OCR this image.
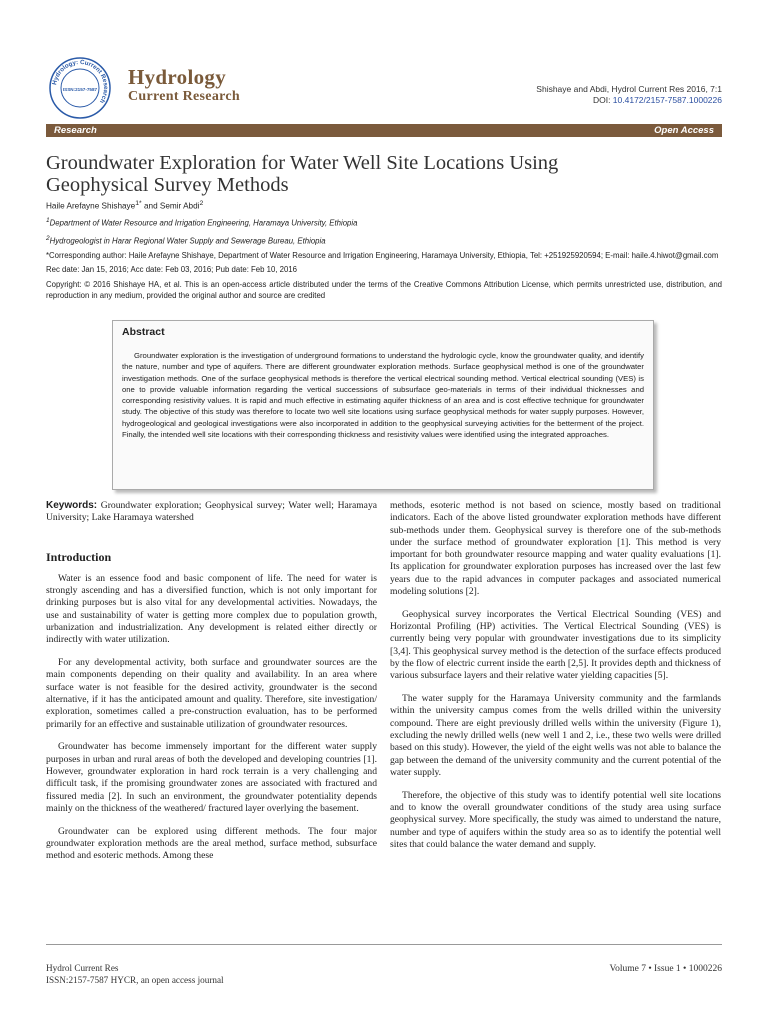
Hydrology: Current Research
ISSN:2157-7587
Hydrology
Current Research	Shishaye and Abdi, Hydrol Current Res 2016, 7:1
DOI: 10.4172/2157-7587.1000226
Research	Open Access
Groundwater Exploration for Water Well Site Locations Using
Geophysical Survey Methods

Haile Arefayne Shishaye$^{1*}$ and Semir Abdi$^2$

$^1$Department of Water Resource and Irrigation Engineering, Haramaya University, Ethiopia

$^2$Hydrogeologist in Harar Regional Water Supply and Sewerage Bureau, Ethiopia

*Corresponding author: Haile Arefayne Shishaye, Department of Water Resource and Irrigation Engineering, Haramaya University, Ethiopia, Tel: +251925920594; E-mail: haile.4.hiwot@gmail.com

Rec date: Jan 15, 2016; Acc date: Feb 03, 2016; Pub date: Feb 10, 2016

Copyright: © 2016 Shishaye HA, et al. This is an open-access article distributed under the terms of the Creative Commons Attribution License, which permits unrestricted use, distribution, and reproduction in any medium, provided the original author and source are credited

Abstract

Groundwater exploration is the investigation of underground formations to understand the hydrologic cycle, know the groundwater quality, and identify the nature, number and type of aquifers. There are different groundwater exploration methods. Surface geophysical method is one of the groundwater investigation methods. One of the surface geophysical methods is therefore the vertical electrical sounding method. Vertical electrical sounding (VES) is one to provide valuable information regarding the vertical successions of subsurface geo-materials in terms of their individual thicknesses and corresponding resistivity values. It is rapid and much effective in estimating aquifer thickness of an area and is cost effective technique for groundwater study. The objective of this study was therefore to locate two well site locations using surface geophysical methods for water supply purposes. However, hydrogeological and geological investigations were also incorporated in addition to the geophysical surveying activities for the betterment of the project. Finally, the intended well site locations with their corresponding thickness and resistivity values were identified using the integrated approaches.

Keywords: Groundwater exploration; Geophysical survey; Water well; Haramaya University; Lake Haramaya watershed

Introduction

Water is an essence food and basic component of life. The need for water is strongly ascending and has a diversified function, which is not only important for drinking purposes but is also vital for any developmental activities. Nowadays, the use and sustainability of water is getting more complex due to population growth, urbanization and industrialization. Any development is related either directly or indirectly with water utilization.

For any developmental activity, both surface and groundwater sources are the main components depending on their quality and availability. In an area where surface water is not feasible for the desired activity, groundwater is the second alternative, if it has the anticipated amount and quality. Therefore, site investigation/ exploration, sometimes called a pre-construction evaluation, has to be performed primarily for an effective and sustainable utilization of groundwater resources.

Groundwater has become immensely important for the different water supply purposes in urban and rural areas of both the developed and developing countries [1]. However, groundwater exploration in hard rock terrain is a very challenging and difficult task, if the promising groundwater zones are associated with fractured and fissured media [2]. In such an environment, the groundwater potentiality depends mainly on the thickness of the weathered/ fractured layer overlying the basement.

Groundwater can be explored using different methods. The four major groundwater exploration methods are the areal method, surface method, subsurface method and esoteric methods. Among these

methods, esoteric method is not based on science, mostly based on traditional indicators. Each of the above listed groundwater exploration methods have different sub-methods under them. Geophysical survey is therefore one of the sub-methods under the surface method of groundwater exploration [1]. This method is very important for both groundwater resource mapping and water quality evaluations [1]. Its application for groundwater exploration purposes has increased over the last few years due to the rapid advances in computer packages and associated numerical modeling solutions [2].

Geophysical survey incorporates the Vertical Electrical Sounding (VES) and Horizontal Profiling (HP) activities. The Vertical Electrical Sounding (VES) is currently being very popular with groundwater investigations due to its simplicity [3,4]. This geophysical survey method is the detection of the surface effects produced by the flow of electric current inside the earth [2,5]. It provides depth and thickness of various subsurface layers and their relative water yielding capacities [5].

The water supply for the Haramaya University community and the farmlands within the university campus comes from the wells drilled within the university compound. There are eight previously drilled wells within the university (Figure 1), excluding the newly drilled wells (new well 1 and 2, i.e., these two wells were drilled based on this study). However, the yield of the eight wells was not able to balance the gap between the demand of the university community and the current potential of the water supply.

Therefore, the objective of this study was to identify potential well site locations and to know the overall groundwater conditions of the study area using surface geophysical survey. More specifically, the study was aimed to understand the nature, number and type of aquifers within the study area so as to identify the potential well sites that could balance the water demand and supply.

Hydrol Current Res
ISSN:2157-7587 HYCR, an open access journal
Volume 7 • Issue 1 • 1000226
